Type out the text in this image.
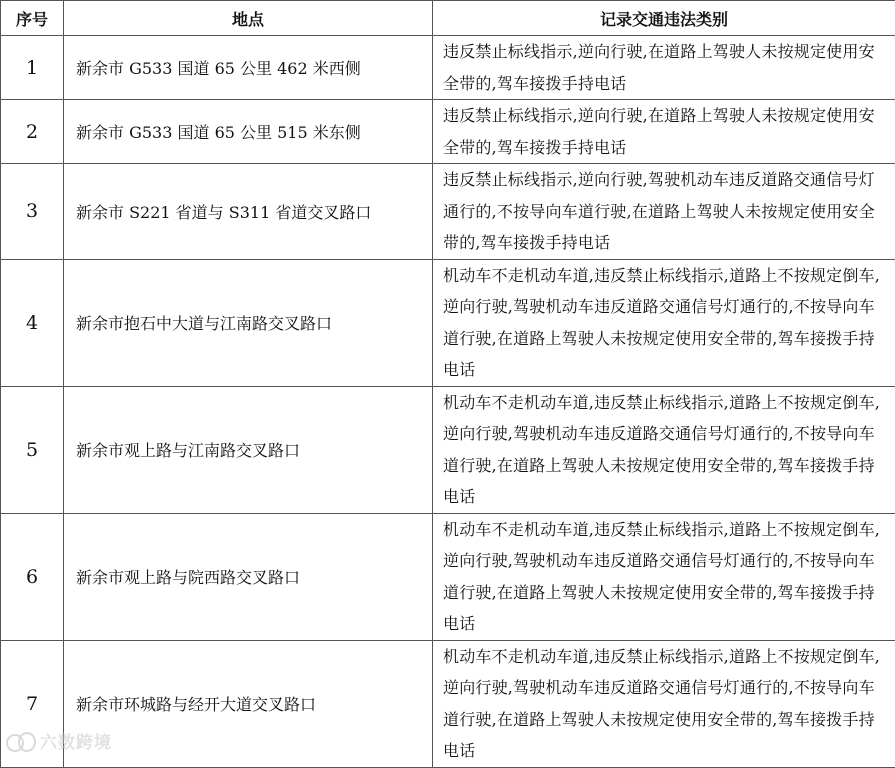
序号	地点	记录交通违法类别
1	新余市 G533 国道 65 公里 462 米西侧	违反禁止标线指示,逆向行驶,在道路上驾驶人未按规定使用安全带的,驾车接拨手持电话
2	新余市 G533 国道 65 公里 515 米东侧	违反禁止标线指示,逆向行驶,在道路上驾驶人未按规定使用安全带的,驾车接拨手持电话
3	新余市 S221 省道与 S311 省道交叉路口	违反禁止标线指示,逆向行驶,驾驶机动车违反道路交通信号灯通行的,不按导向车道行驶,在道路上驾驶人未按规定使用安全带的,驾车接拨手持电话
4	新余市抱石中大道与江南路交叉路口	机动车不走机动车道,违反禁止标线指示,道路上不按规定倒车,逆向行驶,驾驶机动车违反道路交通信号灯通行的,不按导向车道行驶,在道路上驾驶人未按规定使用安全带的,驾车接拨手持电话
5	新余市观上路与江南路交叉路口	机动车不走机动车道,违反禁止标线指示,道路上不按规定倒车,逆向行驶,驾驶机动车违反道路交通信号灯通行的,不按导向车道行驶,在道路上驾驶人未按规定使用安全带的,驾车接拨手持电话
6	新余市观上路与院西路交叉路口	机动车不走机动车道,违反禁止标线指示,道路上不按规定倒车,逆向行驶,驾驶机动车违反道路交通信号灯通行的,不按导向车道行驶,在道路上驾驶人未按规定使用安全带的,驾车接拨手持电话
7	新余市环城路与经开大道交叉路口	机动车不走机动车道,违反禁止标线指示,道路上不按规定倒车,逆向行驶,驾驶机动车违反道路交通信号灯通行的,不按导向车道行驶,在道路上驾驶人未按规定使用安全带的,驾车接拨手持电话
六数跨境
